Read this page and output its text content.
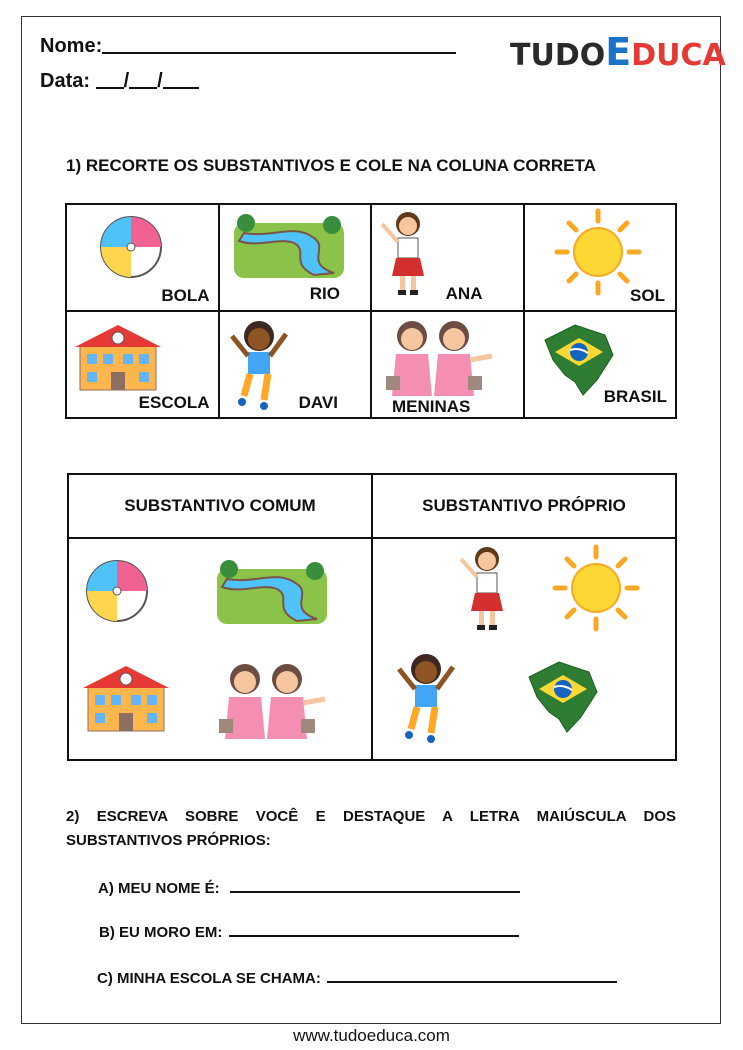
Nome:
Data: / /
TUDOEDUCA
1) RECORTE OS SUBSTANTIVOS E COLE NA COLUNA CORRETA
BOLA	RIO	ANA	SOL

ESCOLA	DAVI	MENINAS	BRASIL
SUBSTANTIVO COMUM	SUBSTANTIVO PRÓPRIO

2) ESCREVA SOBRE VOCÊ E DESTAQUE A LETRA MAIÚSCULA DOS SUBSTANTIVOS PRÓPRIOS:
A) MEU NOME É:
B) EU MORO EM:
C) MINHA ESCOLA SE CHAMA:
www.tudoeduca.com
